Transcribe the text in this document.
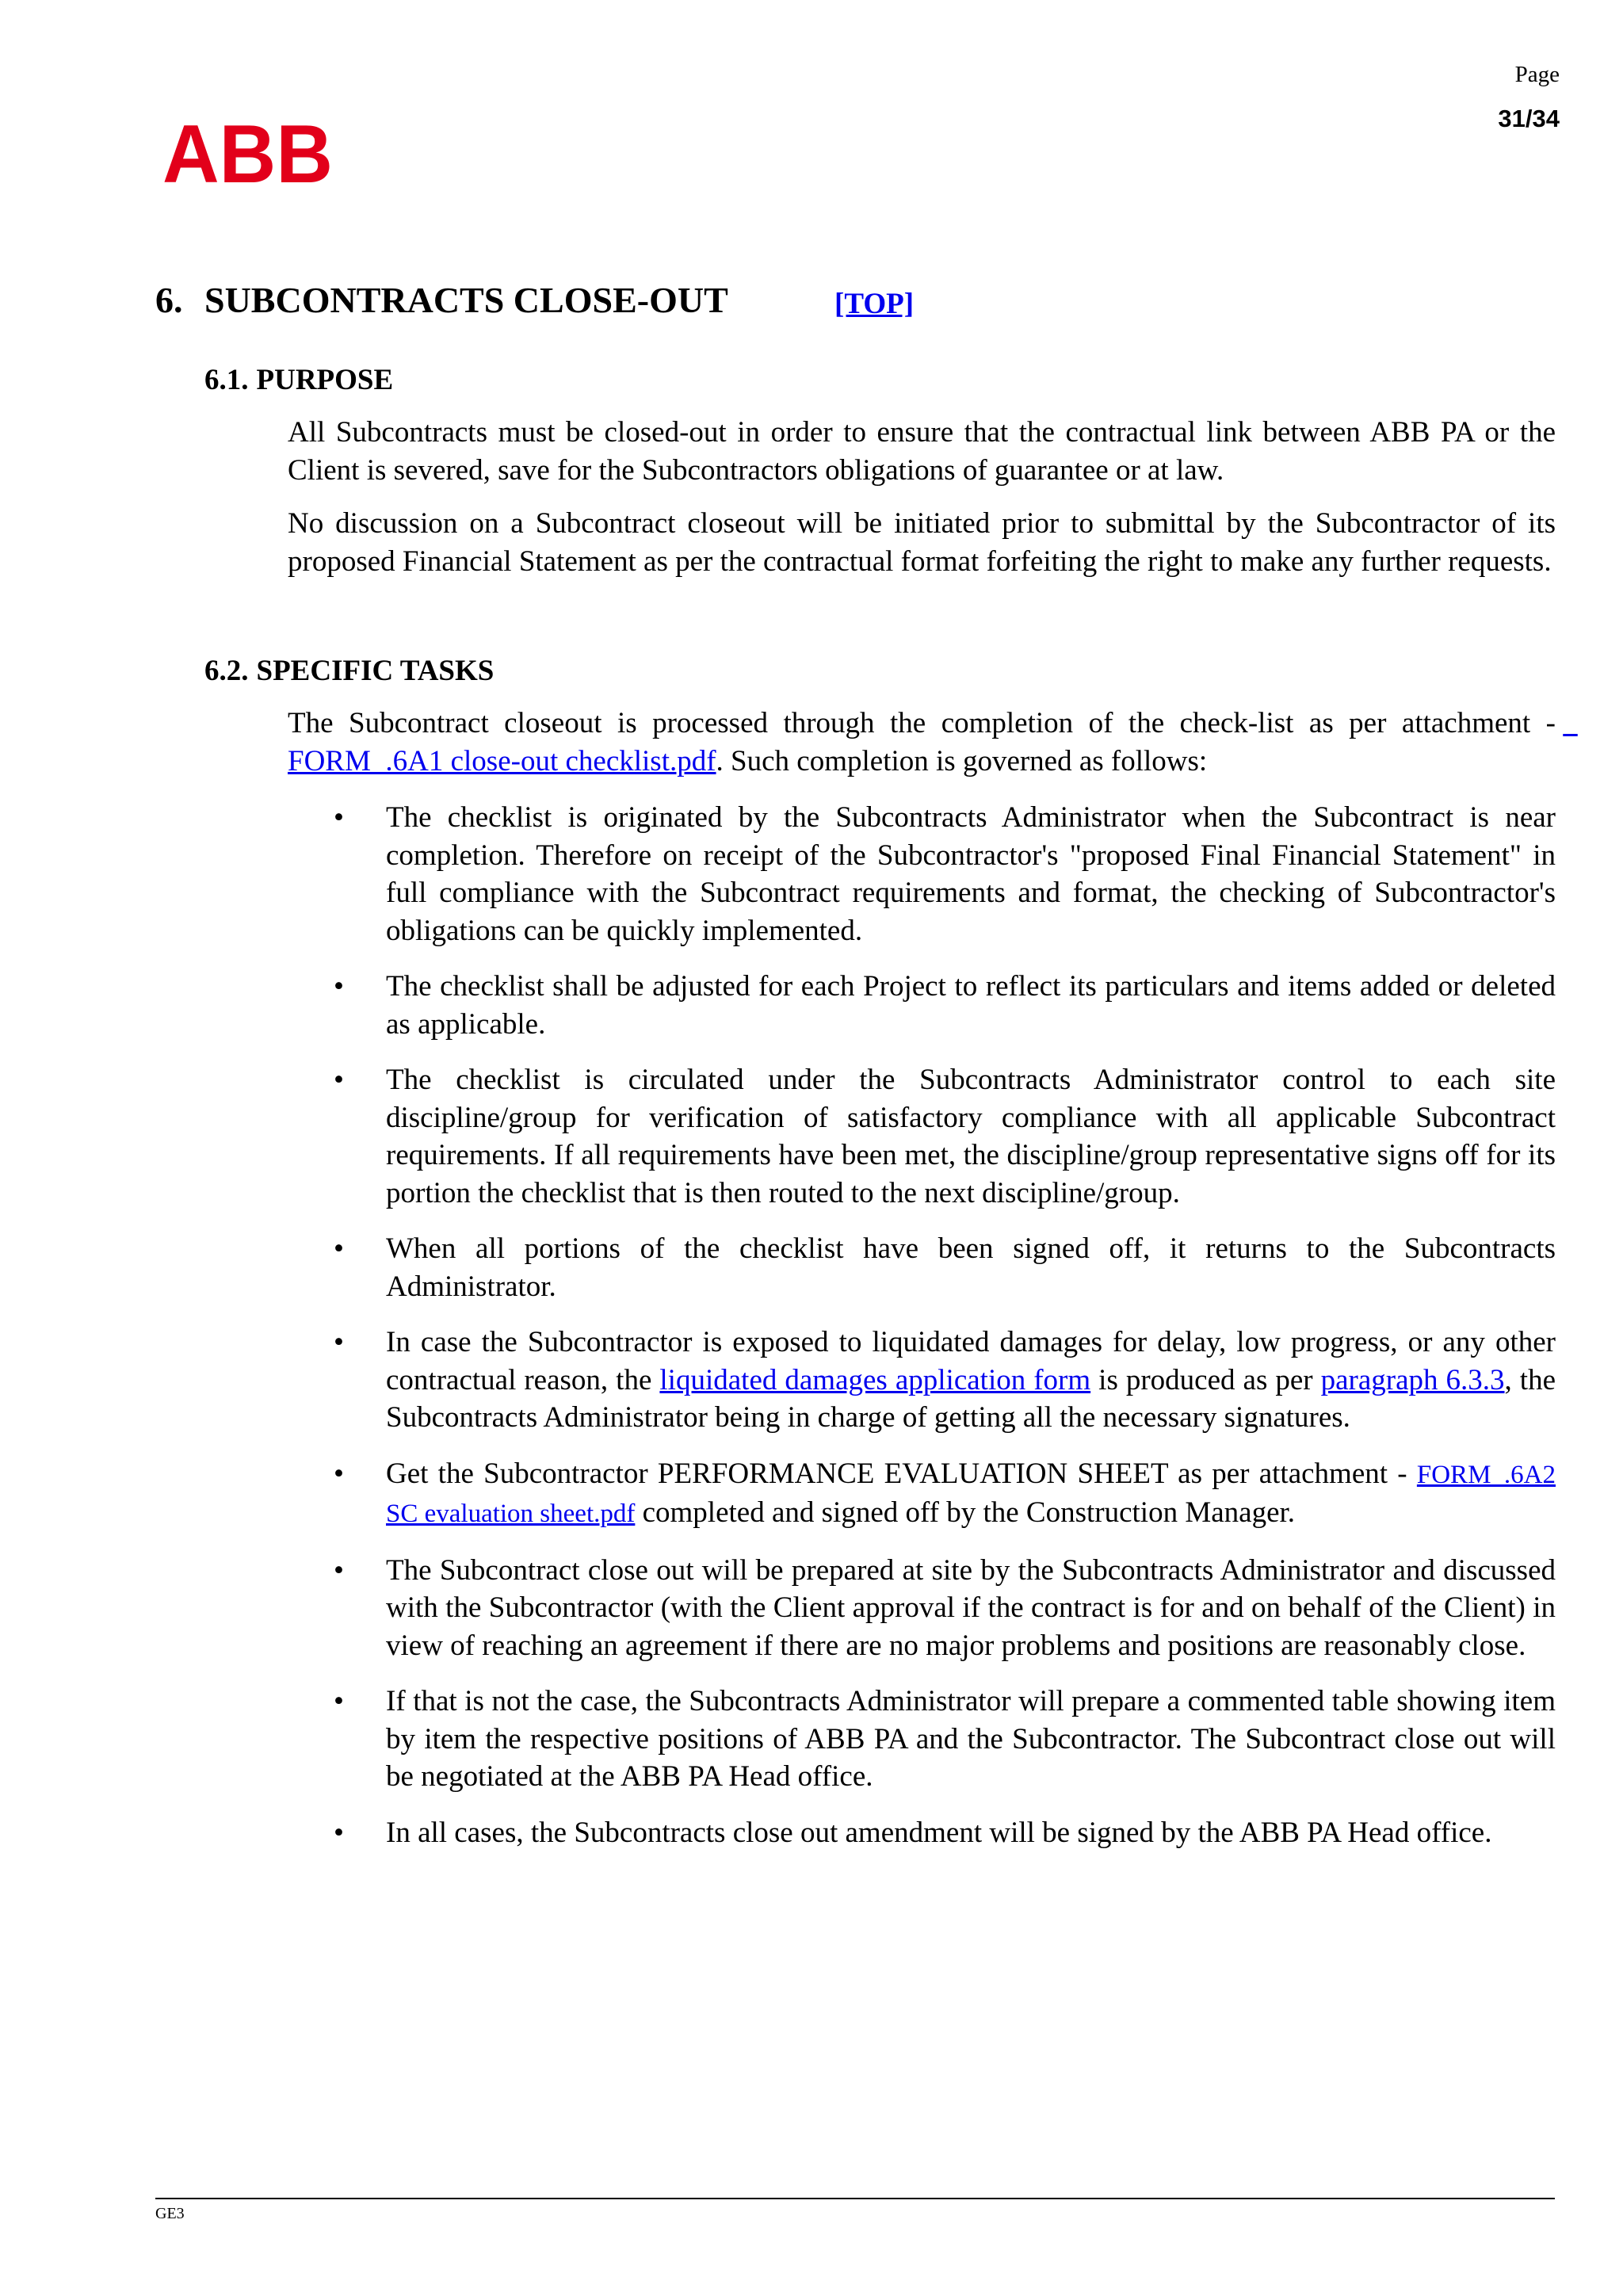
ABB
Page
31/34
6. SUBCONTRACTS CLOSE-OUT	[TOP]
6.1. PURPOSE
All Subcontracts must be closed-out in order to ensure that the contractual link between ABB PA or the Client is severed, save for the Subcontractors obligations of guarantee or at law.
No discussion on a Subcontract closeout will be initiated prior to submittal by the Subcontractor of its proposed Financial Statement as per the contractual format forfeiting the right to make any further requests.
6.2. SPECIFIC TASKS
The Subcontract closeout is processed through the completion of the check-list as per attachment -   FORM_.6A1 close-out checklist.pdf. Such completion is governed as follows:
• The checklist is originated by the Subcontracts Administrator when the Subcontract is near completion. Therefore on receipt of the Subcontractor's "proposed Final Financial Statement" in full compliance with the Subcontract requirements and format, the checking of Subcontractor's obligations can be quickly implemented.
• The checklist shall be adjusted for each Project to reflect its particulars and items added or deleted as applicable.
• The checklist is circulated under the Subcontracts Administrator control to each site discipline/group for verification of satisfactory compliance with all applicable Subcontract requirements. If all requirements have been met, the discipline/group representative signs off for its portion the checklist that is then routed to the next discipline/group.
• When all portions of the checklist have been signed off, it returns to the Subcontracts Administrator.
• In case the Subcontractor is exposed to liquidated damages for delay, low progress, or any other contractual reason, the liquidated damages application form is produced as per paragraph 6.3.3, the Subcontracts Administrator being in charge of getting all the necessary signatures.
• Get the Subcontractor PERFORMANCE EVALUATION SHEET as per attachment - FORM_.6A2 SC evaluation sheet.pdf completed and signed off by the Construction Manager.
• The Subcontract close out will be prepared at site by the Subcontracts Administrator and discussed with the Subcontractor (with the Client approval if the contract is for and on behalf of the Client) in view of reaching an agreement if there are no major problems and positions are reasonably close.
• If that is not the case, the Subcontracts Administrator will prepare a commented table showing item by item the respective positions of ABB PA and the Subcontractor. The Subcontract close out will be negotiated at the ABB PA Head office.
• In all cases, the Subcontracts close out amendment will be signed by the ABB PA Head office.
GE3
